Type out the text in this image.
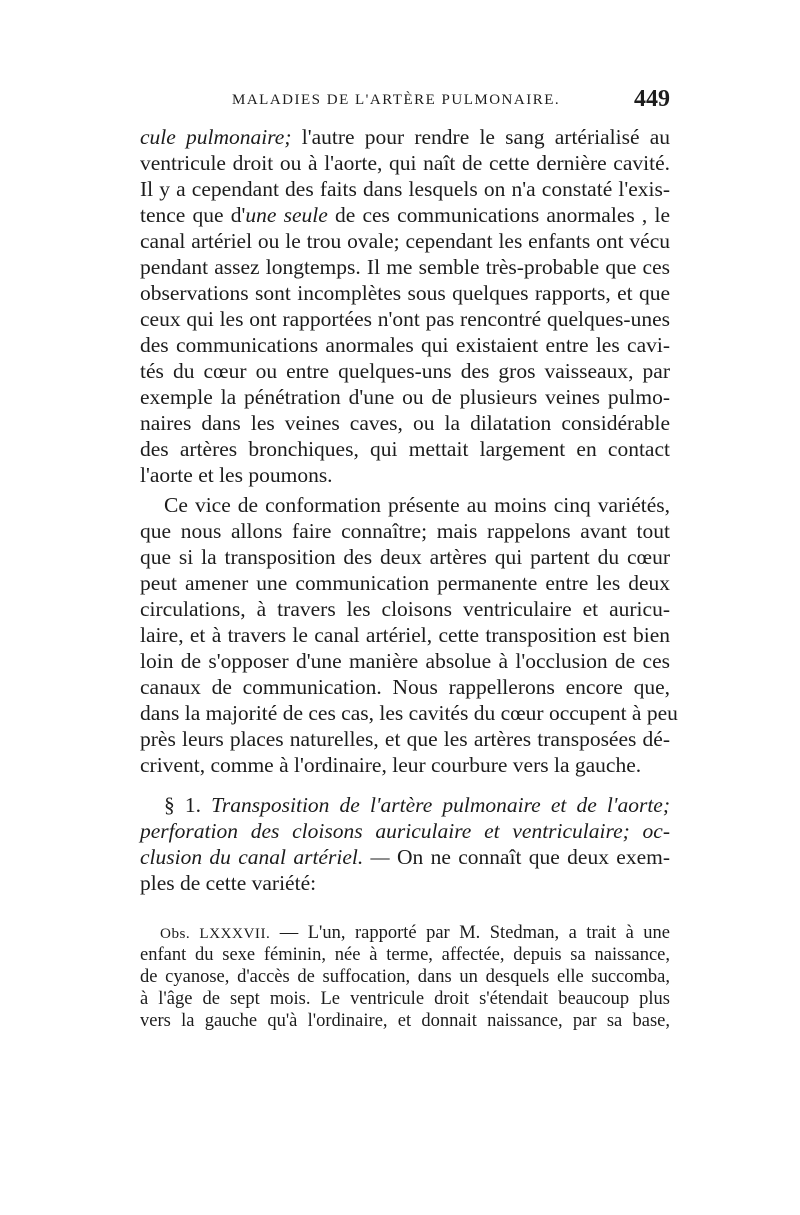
MALADIES DE L'ARTÈRE PULMONAIRE.	449
cule pulmonaire; l'autre pour rendre le sang artérialisé au
ventricule droit ou à l'aorte, qui naît de cette dernière cavité.
Il y a cependant des faits dans lesquels on n'a constaté l'exis-
tence que d'une seule de ces communications anormales , le
canal artériel ou le trou ovale; cependant les enfants ont vécu
pendant assez longtemps. Il me semble très-probable que ces
observations sont incomplètes sous quelques rapports, et que
ceux qui les ont rapportées n'ont pas rencontré quelques-unes
des communications anormales qui existaient entre les cavi-
tés du cœur ou entre quelques-uns des gros vaisseaux, par
exemple la pénétration d'une ou de plusieurs veines pulmo-
naires dans les veines caves, ou la dilatation considérable
des artères bronchiques, qui mettait largement en contact
l'aorte et les poumons.
Ce vice de conformation présente au moins cinq variétés,
que nous allons faire connaître; mais rappelons avant tout
que si la transposition des deux artères qui partent du cœur
peut amener une communication permanente entre les deux
circulations, à travers les cloisons ventriculaire et auricu-
laire, et à travers le canal artériel, cette transposition est bien
loin de s'opposer d'une manière absolue à l'occlusion de ces
canaux de communication. Nous rappellerons encore que,
dans la majorité de ces cas, les cavités du cœur occupent à peu
près leurs places naturelles, et que les artères transposées dé-
crivent, comme à l'ordinaire, leur courbure vers la gauche.
§ 1. Transposition de l'artère pulmonaire et de l'aorte;
perforation des cloisons auriculaire et ventriculaire; oc-
clusion du canal artériel. — On ne connaît que deux exem-
ples de cette variété:
Obs. LXXXVII. — L'un, rapporté par M. Stedman, a trait à une
enfant du sexe féminin, née à terme, affectée, depuis sa naissance,
de cyanose, d'accès de suffocation, dans un desquels elle succomba,
à l'âge de sept mois. Le ventricule droit s'étendait beaucoup plus
vers la gauche qu'à l'ordinaire, et donnait naissance, par sa base,
